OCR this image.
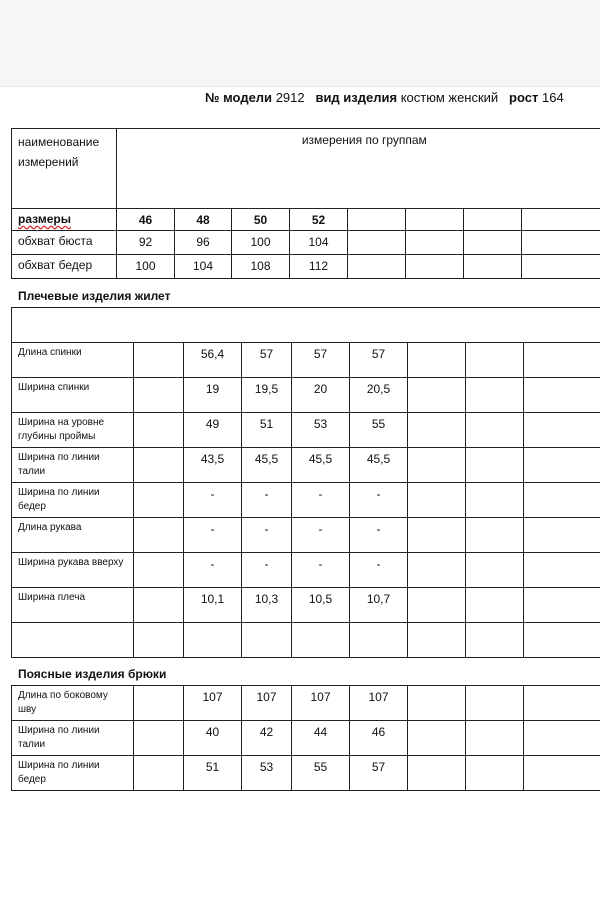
№ модели 2912 вид изделия костюм женский рост 164
наименование измерений	измерения по группам							
размеры	46	48	50	52				
обхват бюста	92	96	100	104				
обхват бедер	100	104	108	112				
Плечевые изделия жилет

Длина спинки		56,4	57	57	57			
Ширина спинки		19	19,5	20	20,5			
Ширина на уровне глубины проймы		49	51	53	55			
Ширина по линии талии		43,5	45,5	45,5	45,5			
Ширина по линии бедер		-	-	-	-			
Длина рукава		-	-	-	-			
Ширина рукава вверху		-	-	-	-			
Ширина плеча		10,1	10,3	10,5	10,7			

Поясные изделия брюки
Длина по боковому шву		107	107	107	107			
Ширина по линии талии		40	42	44	46			
Ширина по линии бедер		51	53	55	57			
